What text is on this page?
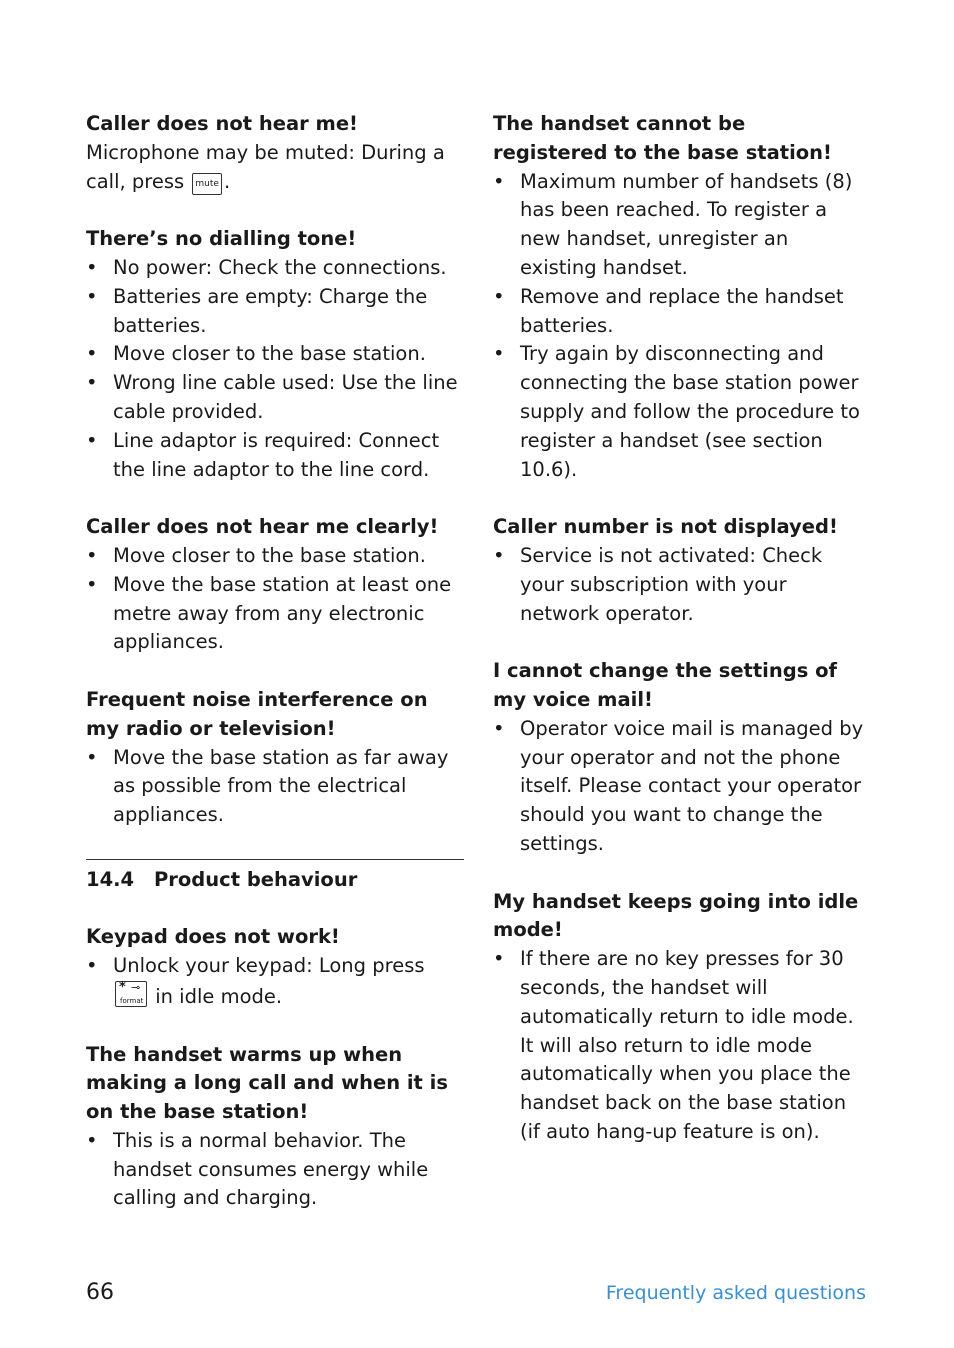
Caller does not hear me!
Microphone may be muted: During a call, press mute .
There’s no dialling tone!
• No power: Check the connections.
• Batteries are empty: Charge the batteries.
• Move closer to the base station.
• Wrong line cable used: Use the line cable provided.
• Line adaptor is required: Connect the line adaptor to the line cord.
Caller does not hear me clearly!
• Move closer to the base station.
• Move the base station at least one metre away from any electronic appliances.
Frequent noise interference on my radio or television!
• Move the base station as far away as possible from the electrical appliances.
14.4 Product behaviour
Keypad does not work!
• Unlock your keypad: Long press
* ⊸
format in idle mode.
The handset warms up when making a long call and when it is on the base station!
• This is a normal behavior. The handset consumes energy while calling and charging.
The handset cannot be registered to the base station!
• Maximum number of handsets (8) has been reached. To register a new handset, unregister an existing handset.
• Remove and replace the handset batteries.
• Try again by disconnecting and connecting the base station power supply and follow the procedure to register a handset (see section 10.6).
Caller number is not displayed!
• Service is not activated: Check your subscription with your network operator.
I cannot change the settings of my voice mail!
• Operator voice mail is managed by your operator and not the phone itself. Please contact your operator should you want to change the settings.
My handset keeps going into idle mode!
• If there are no key presses for 30 seconds, the handset will automatically return to idle mode. It will also return to idle mode automatically when you place the handset back on the base station (if auto hang-up feature is on).
66	Frequently asked questions
